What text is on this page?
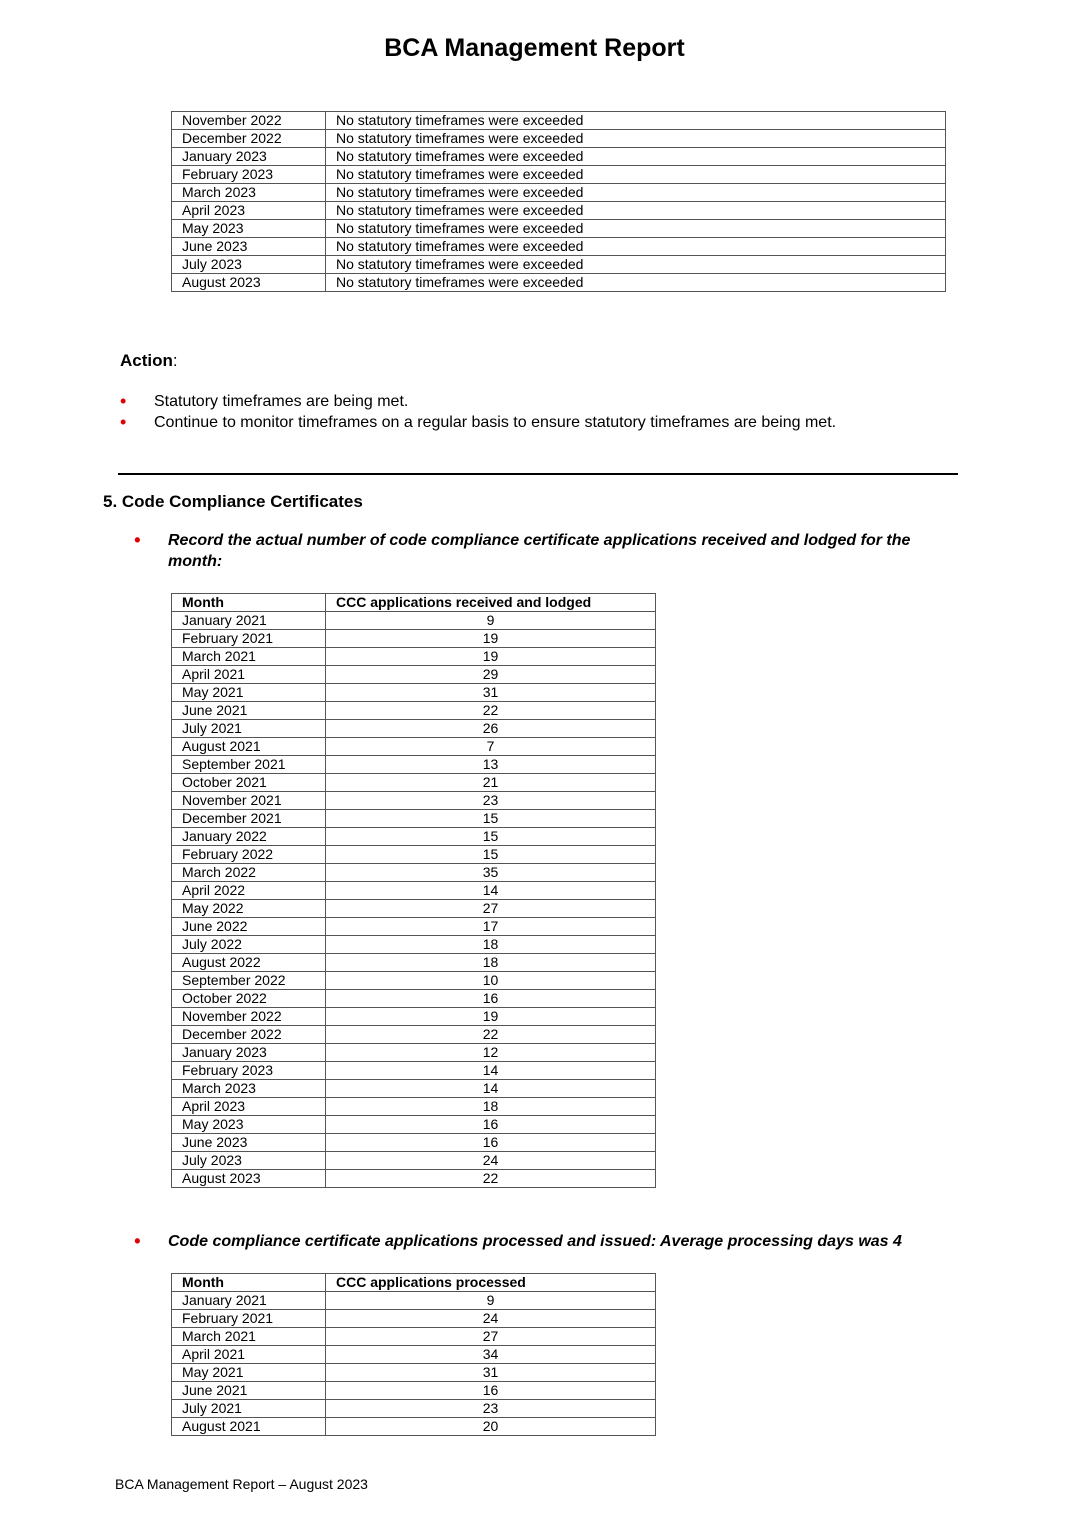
BCA Management Report
November 2022	No statutory timeframes were exceeded
December 2022	No statutory timeframes were exceeded
January 2023	No statutory timeframes were exceeded
February 2023	No statutory timeframes were exceeded
March 2023	No statutory timeframes were exceeded
April 2023	No statutory timeframes were exceeded
May 2023	No statutory timeframes were exceeded
June 2023	No statutory timeframes were exceeded
July 2023	No statutory timeframes were exceeded
August 2023	No statutory timeframes were exceeded
Action:
• Statutory timeframes are being met.
• Continue to monitor timeframes on a regular basis to ensure statutory timeframes are being met.
5. Code Compliance Certificates
• Record the actual number of code compliance certificate applications received and lodged for the month:
Month	CCC applications received and lodged
January 2021	9
February 2021	19
March 2021	19
April 2021	29
May 2021	31
June 2021	22
July 2021	26
August 2021	7
September 2021	13
October 2021	21
November 2021	23
December 2021	15
January 2022	15
February 2022	15
March 2022	35
April 2022	14
May 2022	27
June 2022	17
July 2022	18
August 2022	18
September 2022	10
October 2022	16
November 2022	19
December 2022	22
January 2023	12
February 2023	14
March 2023	14
April 2023	18
May 2023	16
June 2023	16
July 2023	24
August 2023	22
• Code compliance certificate applications processed and issued: Average processing days was 4
Month	CCC applications processed
January 2021	9
February 2021	24
March 2021	27
April 2021	34
May 2021	31
June 2021	16
July 2021	23
August 2021	20
BCA Management Report – August 2023
